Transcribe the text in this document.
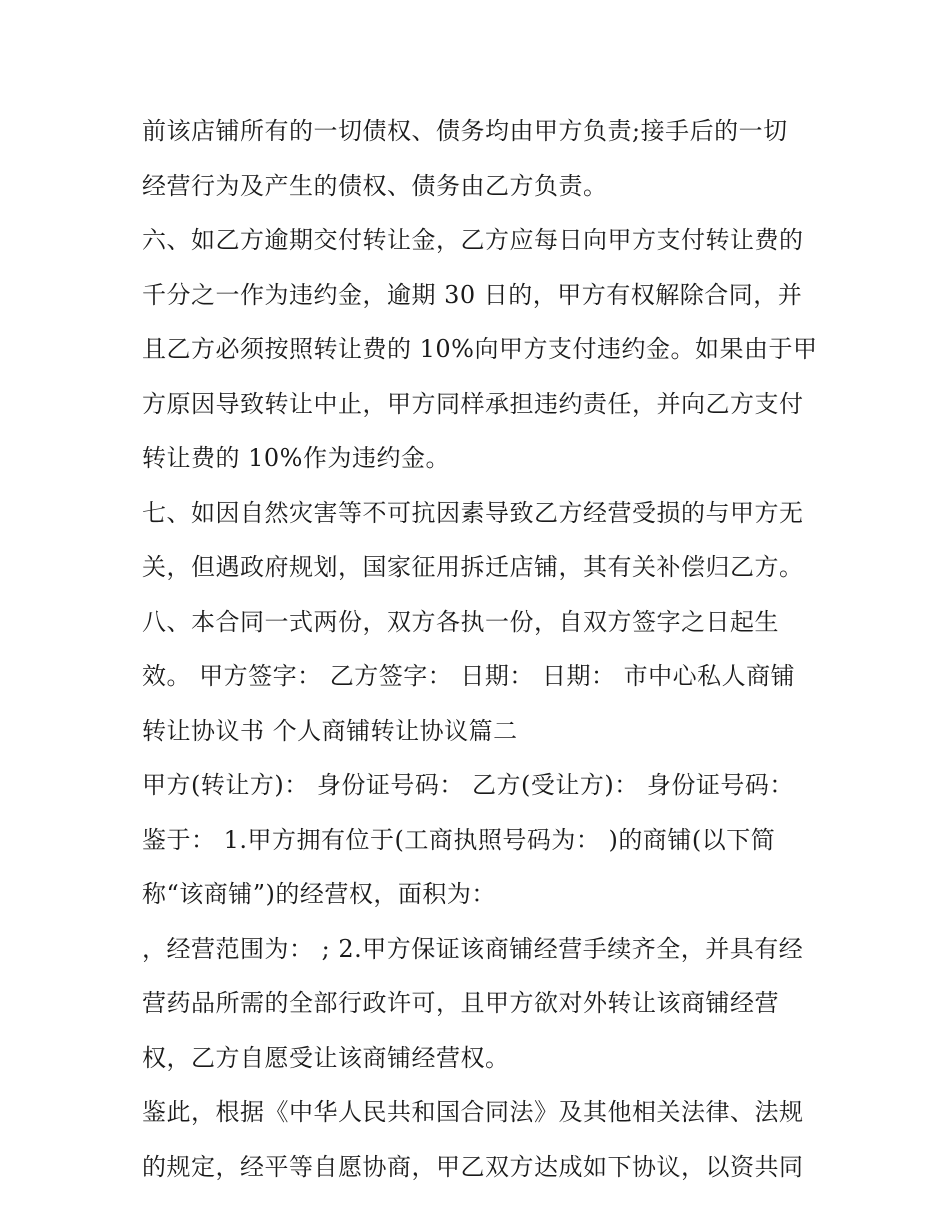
前该店铺所有的一切债权、债务均由甲方负责;接手后的一切
经营行为及产生的债权、债务由乙方负责。
六、如乙方逾期交付转让金，乙方应每日向甲方支付转让费的
千分之一作为违约金，逾期 30 日的，甲方有权解除合同，并
且乙方必须按照转让费的 10%向甲方支付违约金。如果由于甲
方原因导致转让中止，甲方同样承担违约责任，并向乙方支付
转让费的 10%作为违约金。
七、如因自然灾害等不可抗因素导致乙方经营受损的与甲方无
关，但遇政府规划，国家征用拆迁店铺，其有关补偿归乙方。
八、本合同一式两份，双方各执一份，自双方签字之日起生
效。 甲方签字： 乙方签字： 日期： 日期： 市中心私人商铺
转让协议书 个人商铺转让协议篇二
甲方(转让方)： 身份证号码： 乙方(受让方)： 身份证号码：
鉴于： 1.甲方拥有位于(工商执照号码为： )的商铺(以下简
称“该商铺”)的经营权，面积为：
，经营范围为： ; 2.甲方保证该商铺经营手续齐全，并具有经
营药品所需的全部行政许可，且甲方欲对外转让该商铺经营
权，乙方自愿受让该商铺经营权。
鉴此，根据《中华人民共和国合同法》及其他相关法律、法规
的规定，经平等自愿协商，甲乙双方达成如下协议，以资共同
